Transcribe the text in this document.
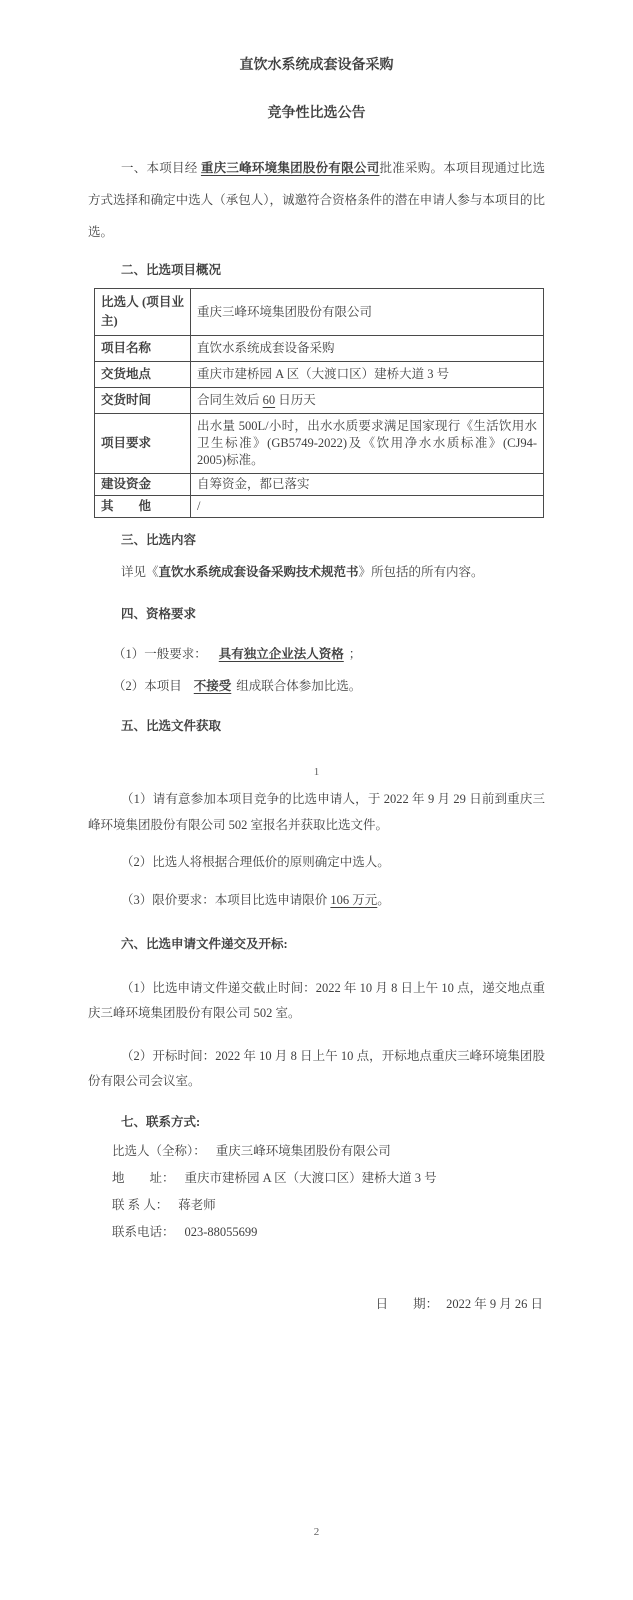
直饮水系统成套设备采购
竞争性比选公告

一、本项目经 重庆三峰环境集团股份有限公司批准采购。本项目现通过比选方式选择和确定中选人（承包人），诚邀符合资格条件的潜在申请人参与本项目的比选。

二、比选项目概况
比选人 (项目业主)	重庆三峰环境集团股份有限公司
项目名称	直饮水系统成套设备采购
交货地点	重庆市建桥园 A 区（大渡口区）建桥大道 3 号
交货时间	合同生效后 60 日历天
项目要求	出水量 500L/小时，出水水质要求满足国家现行《生活饮用水卫生标准》(GB5749-2022)及《饮用净水水质标准》(CJ94-2005)标准。
建设资金	自筹资金，都已落实
其　　他	/
三、比选内容

详见《直饮水系统成套设备采购技术规范书》所包括的所有内容。

四、资格要求

（1）一般要求： 具有独立企业法人资格 ；

（2）本项目 不接受 组成联合体参加比选。

五、比选文件获取

1

（1）请有意参加本项目竞争的比选申请人，于 2022 年 9 月 29 日前到重庆三峰环境集团股份有限公司 502 室报名并获取比选文件。

（2）比选人将根据合理低价的原则确定中选人。

（3）限价要求：本项目比选申请限价 106 万元。

六、比选申请文件递交及开标:

（1）比选申请文件递交截止时间：2022 年 10 月 8 日上午 10 点，递交地点重庆三峰环境集团股份有限公司 502 室。

（2）开标时间：2022 年 10 月 8 日上午 10 点，开标地点重庆三峰环境集团股份有限公司会议室。

七、联系方式:

比选人（全称）： 重庆三峰环境集团股份有限公司

地　　址： 重庆市建桥园 A 区（大渡口区）建桥大道 3 号

联 系 人： 蒋老师

联系电话： 023-88055699

日　　期： 2022 年 9 月 26 日

2
